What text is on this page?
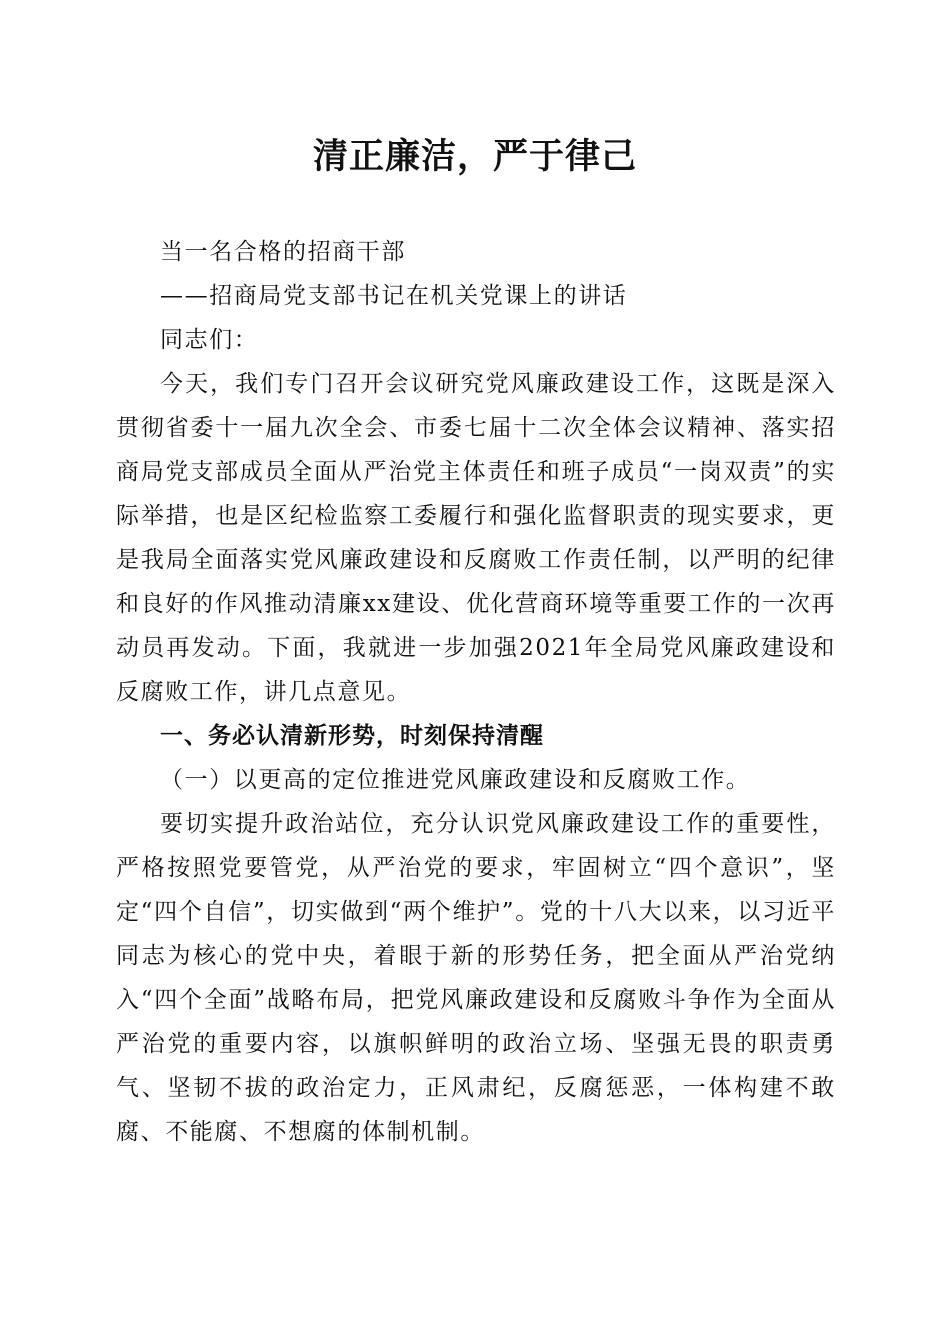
清正廉洁，严于律己

当一名合格的招商干部

——招商局党支部书记在机关党课上的讲话

同志们：

今天，我们专门召开会议研究党风廉政建设工作，这既是深入贯彻省委十一届九次全会、市委七届十二次全体会议精神、落实招商局党支部成员全面从严治党主体责任和班子成员“一岗双责”的实际举措，也是区纪检监察工委履行和强化监督职责的现实要求，更是我局全面落实党风廉政建设和反腐败工作责任制，以严明的纪律和良好的作风推动清廉xx建设、优化营商环境等重要工作的一次再动员再发动。下面，我就进一步加强2021年全局党风廉政建设和反腐败工作，讲几点意见。

一、务必认清新形势，时刻保持清醒

（一）以更高的定位推进党风廉政建设和反腐败工作。

要切实提升政治站位，充分认识党风廉政建设工作的重要性，严格按照党要管党，从严治党的要求，牢固树立“四个意识”，坚定“四个自信”，切实做到“两个维护”。党的十八大以来，以习近平同志为核心的党中央，着眼于新的形势任务，把全面从严治党纳入“四个全面”战略布局，把党风廉政建设和反腐败斗争作为全面从严治党的重要内容，以旗帜鲜明的政治立场、坚强无畏的职责勇气、坚韧不拔的政治定力，正风肃纪，反腐惩恶，一体构建不敢腐、不能腐、不想腐的体制机制。
